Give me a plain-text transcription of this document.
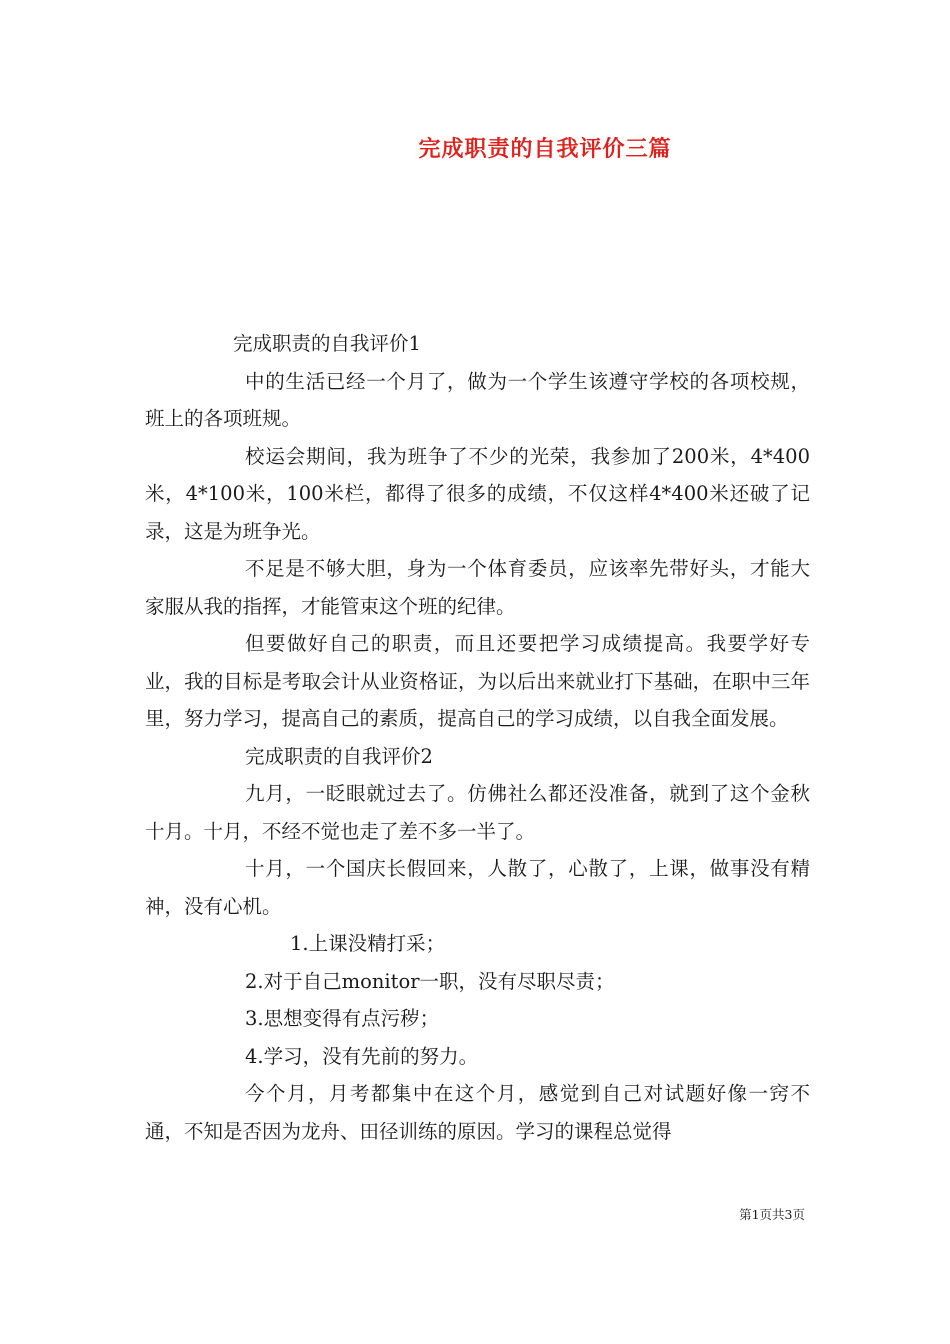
完成职责的自我评价三篇

完成职责的自我评价1

中的生活已经一个月了，做为一个学生该遵守学校的各项校规，班上的各项班规。

校运会期间，我为班争了不少的光荣，我参加了200米，4*400米，4*100米，100米栏，都得了很多的成绩，不仅这样4*400米还破了记录，这是为班争光。

不足是不够大胆，身为一个体育委员，应该率先带好头，才能大家服从我的指挥，才能管束这个班的纪律。

但要做好自己的职责，而且还要把学习成绩提高。我要学好专业，我的目标是考取会计从业资格证，为以后出来就业打下基础，在职中三年里，努力学习，提高自己的素质，提高自己的学习成绩，以自我全面发展。

完成职责的自我评价2

九月，一眨眼就过去了。仿佛社么都还没准备，就到了这个金秋十月。十月，不经不觉也走了差不多一半了。

十月，一个国庆长假回来，人散了，心散了，上课，做事没有精神，没有心机。

1.上课没精打采；

2.对于自己monitor一职，没有尽职尽责；

3.思想变得有点污秽；

4.学习，没有先前的努力。

今个月，月考都集中在这个月，感觉到自己对试题好像一窍不通，不知是否因为龙舟、田径训练的原因。学习的课程总觉得

第1页共3页
